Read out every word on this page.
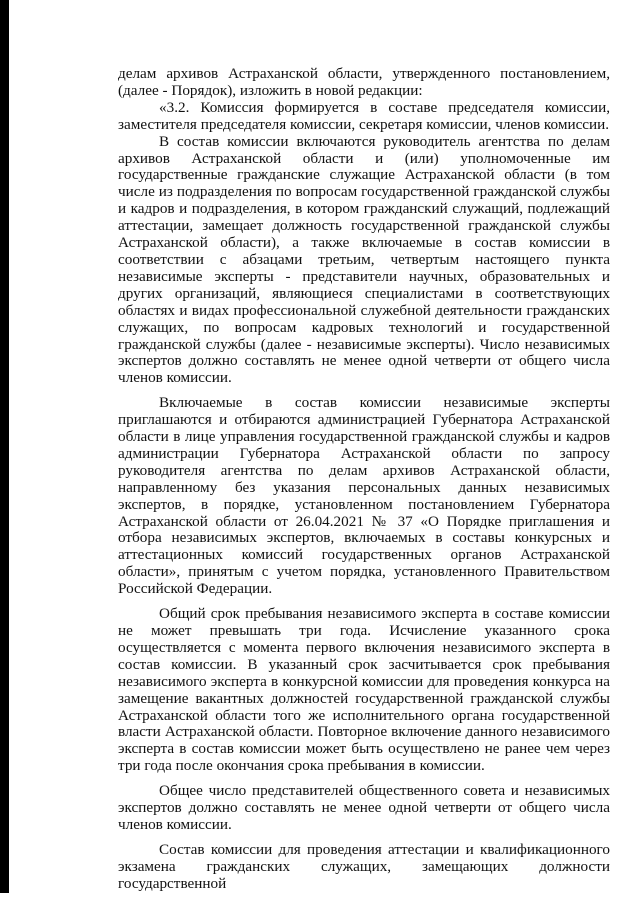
делам архивов Астраханской области, утвержденного постановлением, (далее - Порядок), изложить в новой редакции:

«3.2. Комиссия формируется в составе председателя комиссии, заместителя председателя комиссии, секретаря комиссии, членов комиссии.

В состав комиссии включаются руководитель агентства по делам архивов Астраханской области и (или) уполномоченные им государственные гражданские служащие Астраханской области (в том числе из подразделения по вопросам государственной гражданской службы и кадров и подразделения, в котором гражданский служащий, подлежащий аттестации, замещает должность государственной гражданской службы Астраханской области), а также включаемые в состав комиссии в соответствии с абзацами третьим, четвертым настоящего пункта независимые эксперты - представители научных, образовательных и других организаций, являющиеся специалистами в соответствующих областях и видах профессиональной служебной деятельности гражданских служащих, по вопросам кадровых технологий и государственной гражданской службы (далее - независимые эксперты). Число независимых экспертов должно составлять не менее одной четверти от общего числа членов комиссии.

Включаемые в состав комиссии независимые эксперты приглашаются и отбираются администрацией Губернатора Астраханской области в лице управления государственной гражданской службы и кадров администрации Губернатора Астраханской области по запросу руководителя агентства по делам архивов Астраханской области, направленному без указания персональных данных независимых экспертов, в порядке, установленном постановлением Губернатора Астраханской области от 26.04.2021 № 37 «О Порядке приглашения и отбора независимых экспертов, включаемых в составы конкурсных и аттестационных комиссий государственных органов Астраханской области», принятым с учетом порядка, установленного Правительством Российской Федерации.

Общий срок пребывания независимого эксперта в составе комиссии не может превышать три года. Исчисление указанного срока осуществляется с момента первого включения независимого эксперта в состав комиссии. В указанный срок засчитывается срок пребывания независимого эксперта в конкурсной комиссии для проведения конкурса на замещение вакантных должностей государственной гражданской службы Астраханской области того же исполнительного органа государственной власти Астраханской области. Повторное включение данного независимого эксперта в состав комиссии может быть осуществлено не ранее чем через три года после окончания срока пребывания в комиссии.

Общее число представителей общественного совета и независимых экспертов должно составлять не менее одной четверти от общего числа членов комиссии.

Состав комиссии для проведения аттестации и квалификационного экзамена гражданских служащих, замещающих должности государственной
